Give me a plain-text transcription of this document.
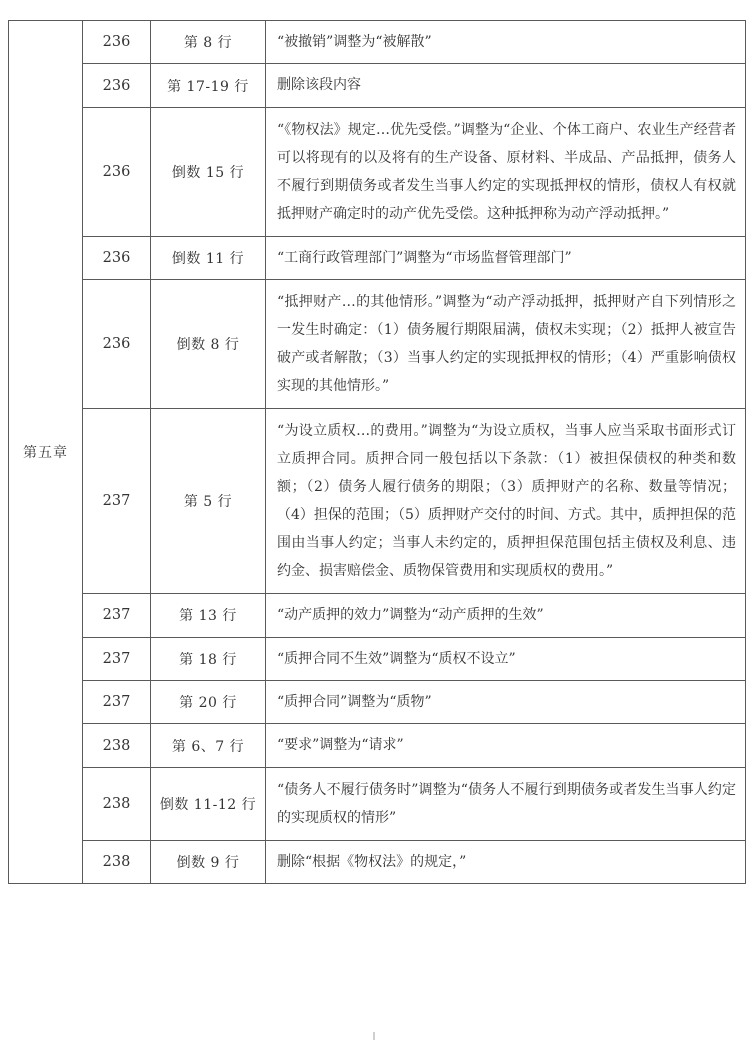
第五章	236	第 8 行	“被撤销”调整为“被解散”
	236	第 17-19 行	删除该段内容
	236	倒数 15 行	“《物权法》规定…优先受偿。”调整为“企业、个体工商户、农业生产经营者可以将现有的以及将有的生产设备、原材料、半成品、产品抵押，债务人不履行到期债务或者发生当事人约定的实现抵押权的情形，债权人有权就抵押财产确定时的动产优先受偿。这种抵押称为动产浮动抵押。”
	236	倒数 11 行	“工商行政管理部门”调整为“市场监督管理部门”
	236	倒数 8 行	“抵押财产…的其他情形。”调整为“动产浮动抵押，抵押财产自下列情形之一发生时确定：（1）债务履行期限届满，债权未实现；（2）抵押人被宣告破产或者解散；（3）当事人约定的实现抵押权的情形；（4）严重影响债权实现的其他情形。”
	237	第 5 行	“为设立质权…的费用。”调整为“为设立质权，当事人应当采取书面形式订立质押合同。质押合同一般包括以下条款：（1）被担保债权的种类和数额；（2）债务人履行债务的期限；（3）质押财产的名称、数量等情况；（4）担保的范围；（5）质押财产交付的时间、方式。其中，质押担保的范围由当事人约定；当事人未约定的，质押担保范围包括主债权及利息、违约金、损害赔偿金、质物保管费用和实现质权的费用。”
	237	第 13 行	“动产质押的效力”调整为“动产质押的生效”
	237	第 18 行	“质押合同不生效”调整为“质权不设立”
	237	第 20 行	“质押合同”调整为“质物”
	238	第 6、7 行	“要求”调整为“请求”
	238	倒数 11-12 行	“债务人不履行债务时”调整为“债务人不履行到期债务或者发生当事人约定的实现质权的情形”
	238	倒数 9 行	删除“根据《物权法》的规定，”
